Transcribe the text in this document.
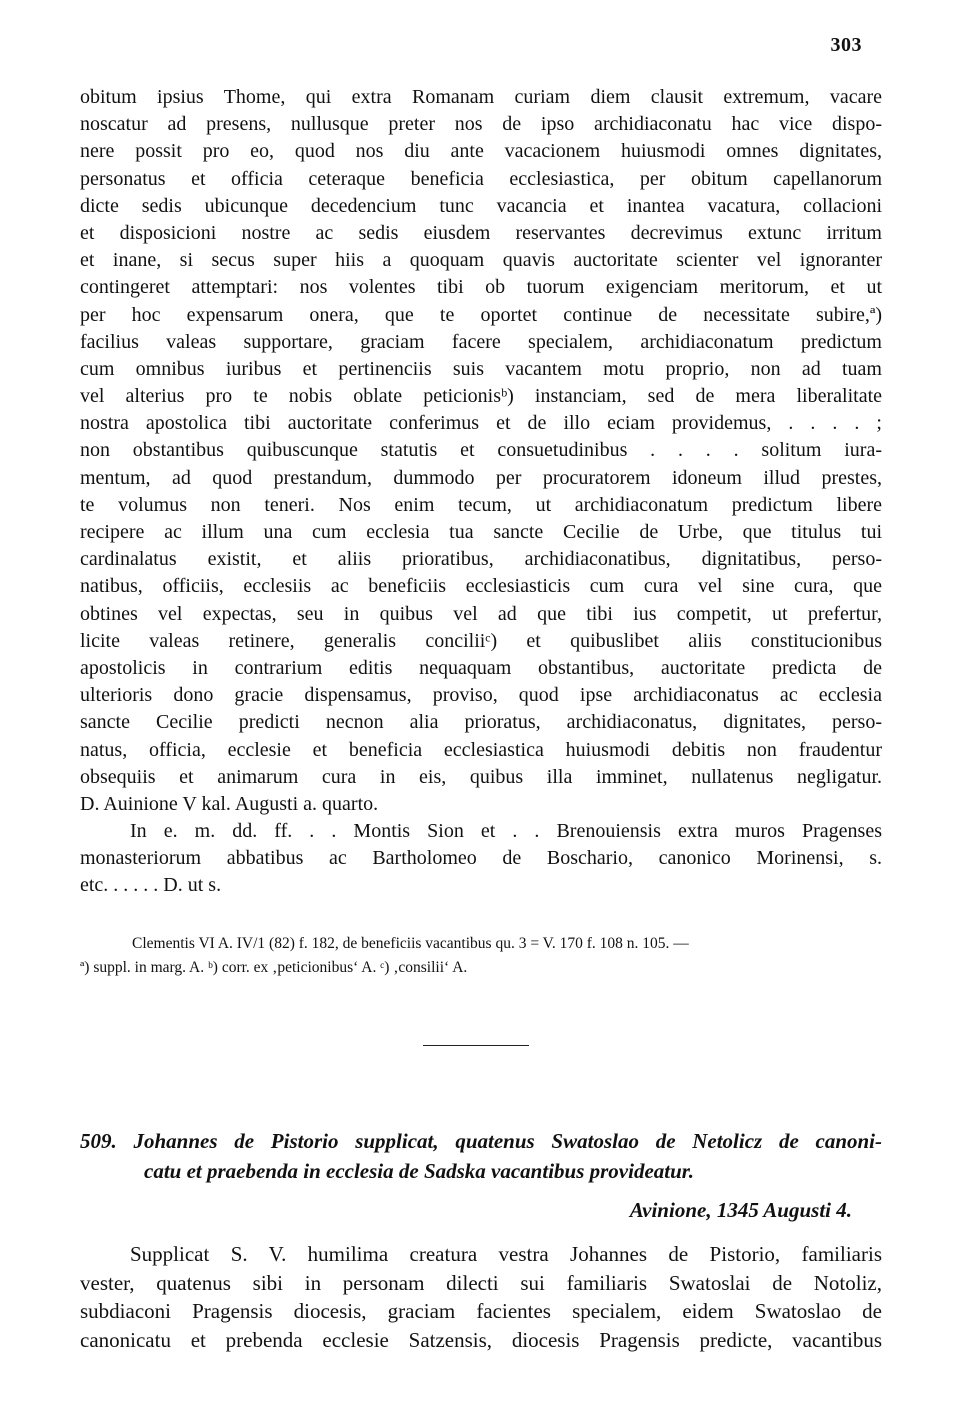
303
obitum ipsius Thome, qui extra Romanam curiam diem clausit extremum, vacare
noscatur ad presens, nullusque preter nos de ipso archidiaconatu hac vice dispo-
nere possit pro eo, quod nos diu ante vacacionem huiusmodi omnes dignitates,
personatus et officia ceteraque beneficia ecclesiastica, per obitum capellanorum
dicte sedis ubicunque decedencium tunc vacancia et inantea vacatura, collacioni
et disposicioni nostre ac sedis eiusdem reservantes decrevimus extunc irritum
et inane, si secus super hiis a quoquam quavis auctoritate scienter vel ignoranter
contingeret attemptari: nos volentes tibi ob tuorum exigenciam meritorum, et ut
per hoc expensarum onera, que te oportet continue de necessitate subire,ª)
facilius valeas supportare, graciam facere specialem, archidiaconatum predictum
cum omnibus iuribus et pertinenciis suis vacantem motu proprio, non ad tuam
vel alterius pro te nobis oblate peticionisᵇ) instanciam, sed de mera liberalitate
nostra apostolica tibi auctoritate conferimus et de illo eciam providemus, . . . . ;
non obstantibus quibuscunque statutis et consuetudinibus . . . . solitum iura-
mentum, ad quod prestandum, dummodo per procuratorem idoneum illud prestes,
te volumus non teneri. Nos enim tecum, ut archidiaconatum predictum libere
recipere ac illum una cum ecclesia tua sancte Cecilie de Urbe, que titulus tui
cardinalatus existit, et aliis prioratibus, archidiaconatibus, dignitatibus, perso-
natibus, officiis, ecclesiis ac beneficiis ecclesiasticis cum cura vel sine cura, que
obtines vel expectas, seu in quibus vel ad que tibi ius competit, ut prefertur,
licite valeas retinere, generalis conciliiᶜ) et quibuslibet aliis constitucionibus
apostolicis in contrarium editis nequaquam obstantibus, auctoritate predicta de
ulterioris dono gracie dispensamus, proviso, quod ipse archidiaconatus ac ecclesia
sancte Cecilie predicti necnon alia prioratus, archidiaconatus, dignitates, perso-
natus, officia, ecclesie et beneficia ecclesiastica huiusmodi debitis non fraudentur
obsequiis et animarum cura in eis, quibus illa imminet, nullatenus negligatur.
D. Auinione V kal. Augusti a. quarto.
In e. m. dd. ff. . . Montis Sion et . . Brenouiensis extra muros Pragenses
monasteriorum abbatibus ac Bartholomeo de Boschario, canonico Morinensi, s.
etc. . . . . . D. ut s.
Clementis VI A. IV/1 (82) f. 182, de beneficiis vacantibus qu. 3 = V. 170 f. 108 n. 105. —
ª) suppl. in marg. A. ᵇ) corr. ex ‚peticionibus‘ A. ᶜ) ‚consilii‘ A.
509. Johannes de Pistorio supplicat, quatenus Swatoslao de Netolicz de canoni-
catu et praebenda in ecclesia de Sadska vacantibus provideatur.
Avinione, 1345 Augusti 4.
Supplicat S. V. humilima creatura vestra Johannes de Pistorio, familiaris
vester, quatenus sibi in personam dilecti sui familiaris Swatoslai de Notoliz,
subdiaconi Pragensis diocesis, graciam facientes specialem, eidem Swatoslao de
canonicatu et prebenda ecclesie Satzensis, diocesis Pragensis predicte, vacantibus
